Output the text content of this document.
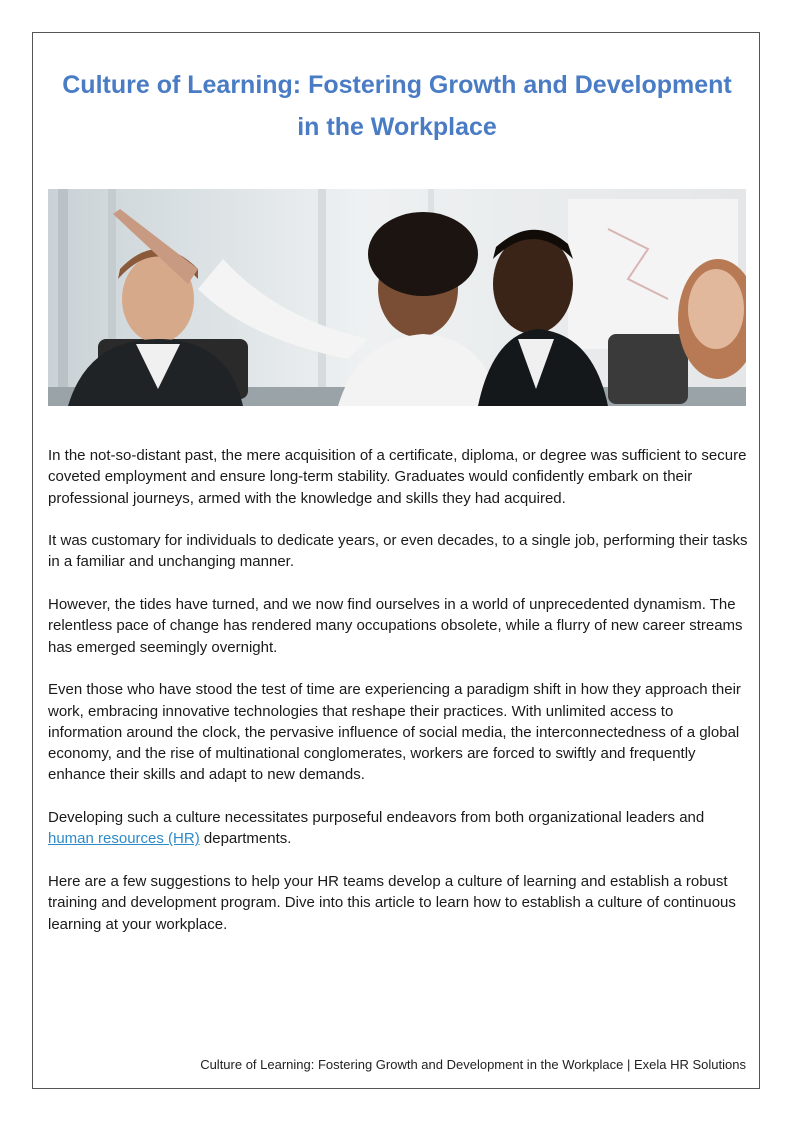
Culture of Learning: Fostering Growth and Development in the Workplace

In the not-so-distant past, the mere acquisition of a certificate, diploma, or degree was sufficient to secure coveted employment and ensure long-term stability. Graduates would confidently embark on their professional journeys, armed with the knowledge and skills they had acquired.

It was customary for individuals to dedicate years, or even decades, to a single job, performing their tasks in a familiar and unchanging manner.

However, the tides have turned, and we now find ourselves in a world of unprecedented dynamism. The relentless pace of change has rendered many occupations obsolete, while a flurry of new career streams has emerged seemingly overnight.

Even those who have stood the test of time are experiencing a paradigm shift in how they approach their work, embracing innovative technologies that reshape their practices. With unlimited access to information around the clock, the pervasive influence of social media, the interconnectedness of a global economy, and the rise of multinational conglomerates, workers are forced to swiftly and frequently enhance their skills and adapt to new demands.

Developing such a culture necessitates purposeful endeavors from both organizational leaders and human resources (HR) departments.

Here are a few suggestions to help your HR teams develop a culture of learning and establish a robust training and development program. Dive into this article to learn how to establish a culture of continuous learning at your workplace.

Culture of Learning: Fostering Growth and Development in the Workplace | Exela HR Solutions
